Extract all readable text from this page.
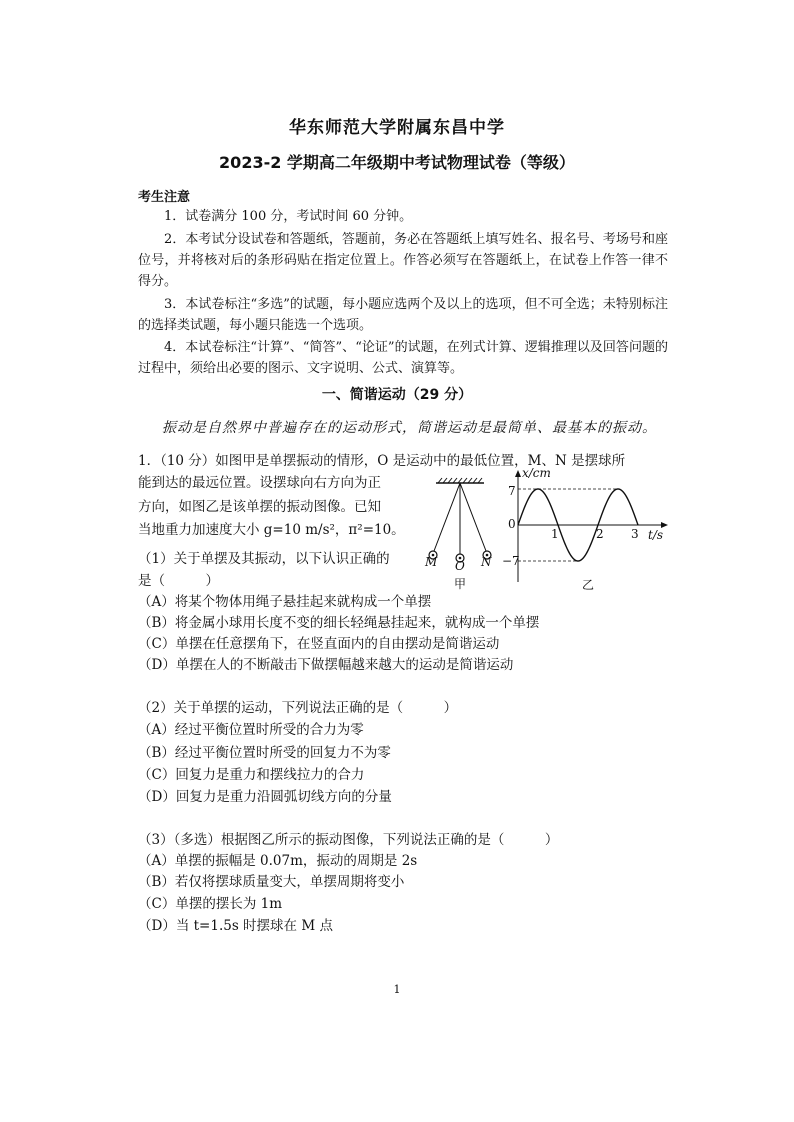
华东师范大学附属东昌中学
2023-2 学期高二年级期中考试物理试卷（等级）
考生注意
1．试卷满分 100 分，考试时间 60 分钟。
2．本考试分设试卷和答题纸，答题前，务必在答题纸上填写姓名、报名号、考场号和座位号，并将核对后的条形码贴在指定位置上。作答必须写在答题纸上，在试卷上作答一律不得分。
3．本试卷标注“多选”的试题，每小题应选两个及以上的选项，但不可全选；未特别标注的选择类试题，每小题只能选一个选项。
4．本试卷标注“计算”、“简答”、“论证”的试题，在列式计算、逻辑推理以及回答问题的过程中，须给出必要的图示、文字说明、公式、演算等。
一、简谐运动（29 分）
振动是自然界中普遍存在的运动形式，简谐运动是最简单、最基本的振动。
1．（10 分）如图甲是单摆振动的情形，O 是运动中的最低位置，M、N 是摆球所
能到达的最远位置。设摆球向右方向为正
方向，如图乙是该单摆的振动图像。已知
当地重力加速度大小 g=10 m/s²，π²=10。
（1）关于单摆及其振动，以下认识正确的
是（　　　）
（A）将某个物体用绳子悬挂起来就构成一个单摆
（B）将金属小球用长度不变的细长轻绳悬挂起来，就构成一个单摆
（C）单摆在任意摆角下，在竖直面内的自由摆动是简谐运动
（D）单摆在人的不断敲击下做摆幅越来越大的运动是简谐运动
（2）关于单摆的运动，下列说法正确的是（　　　）
（A）经过平衡位置时所受的合力为零
（B）经过平衡位置时所受的回复力不为零
（C）回复力是重力和摆线拉力的合力
（D）回复力是重力沿圆弧切线方向的分量
（3）（多选）根据图乙所示的振动图像，下列说法正确的是（　　　）
（A）单摆的振幅是 0.07m，振动的周期是 2s
（B）若仅将摆球质量变大，单摆周期将变小
（C）单摆的摆长为 1m
（D）当 t=1.5s 时摆球在 M 点
M O N
甲
x/cm
t/s
7
0
−7
1	2 3
乙
1
